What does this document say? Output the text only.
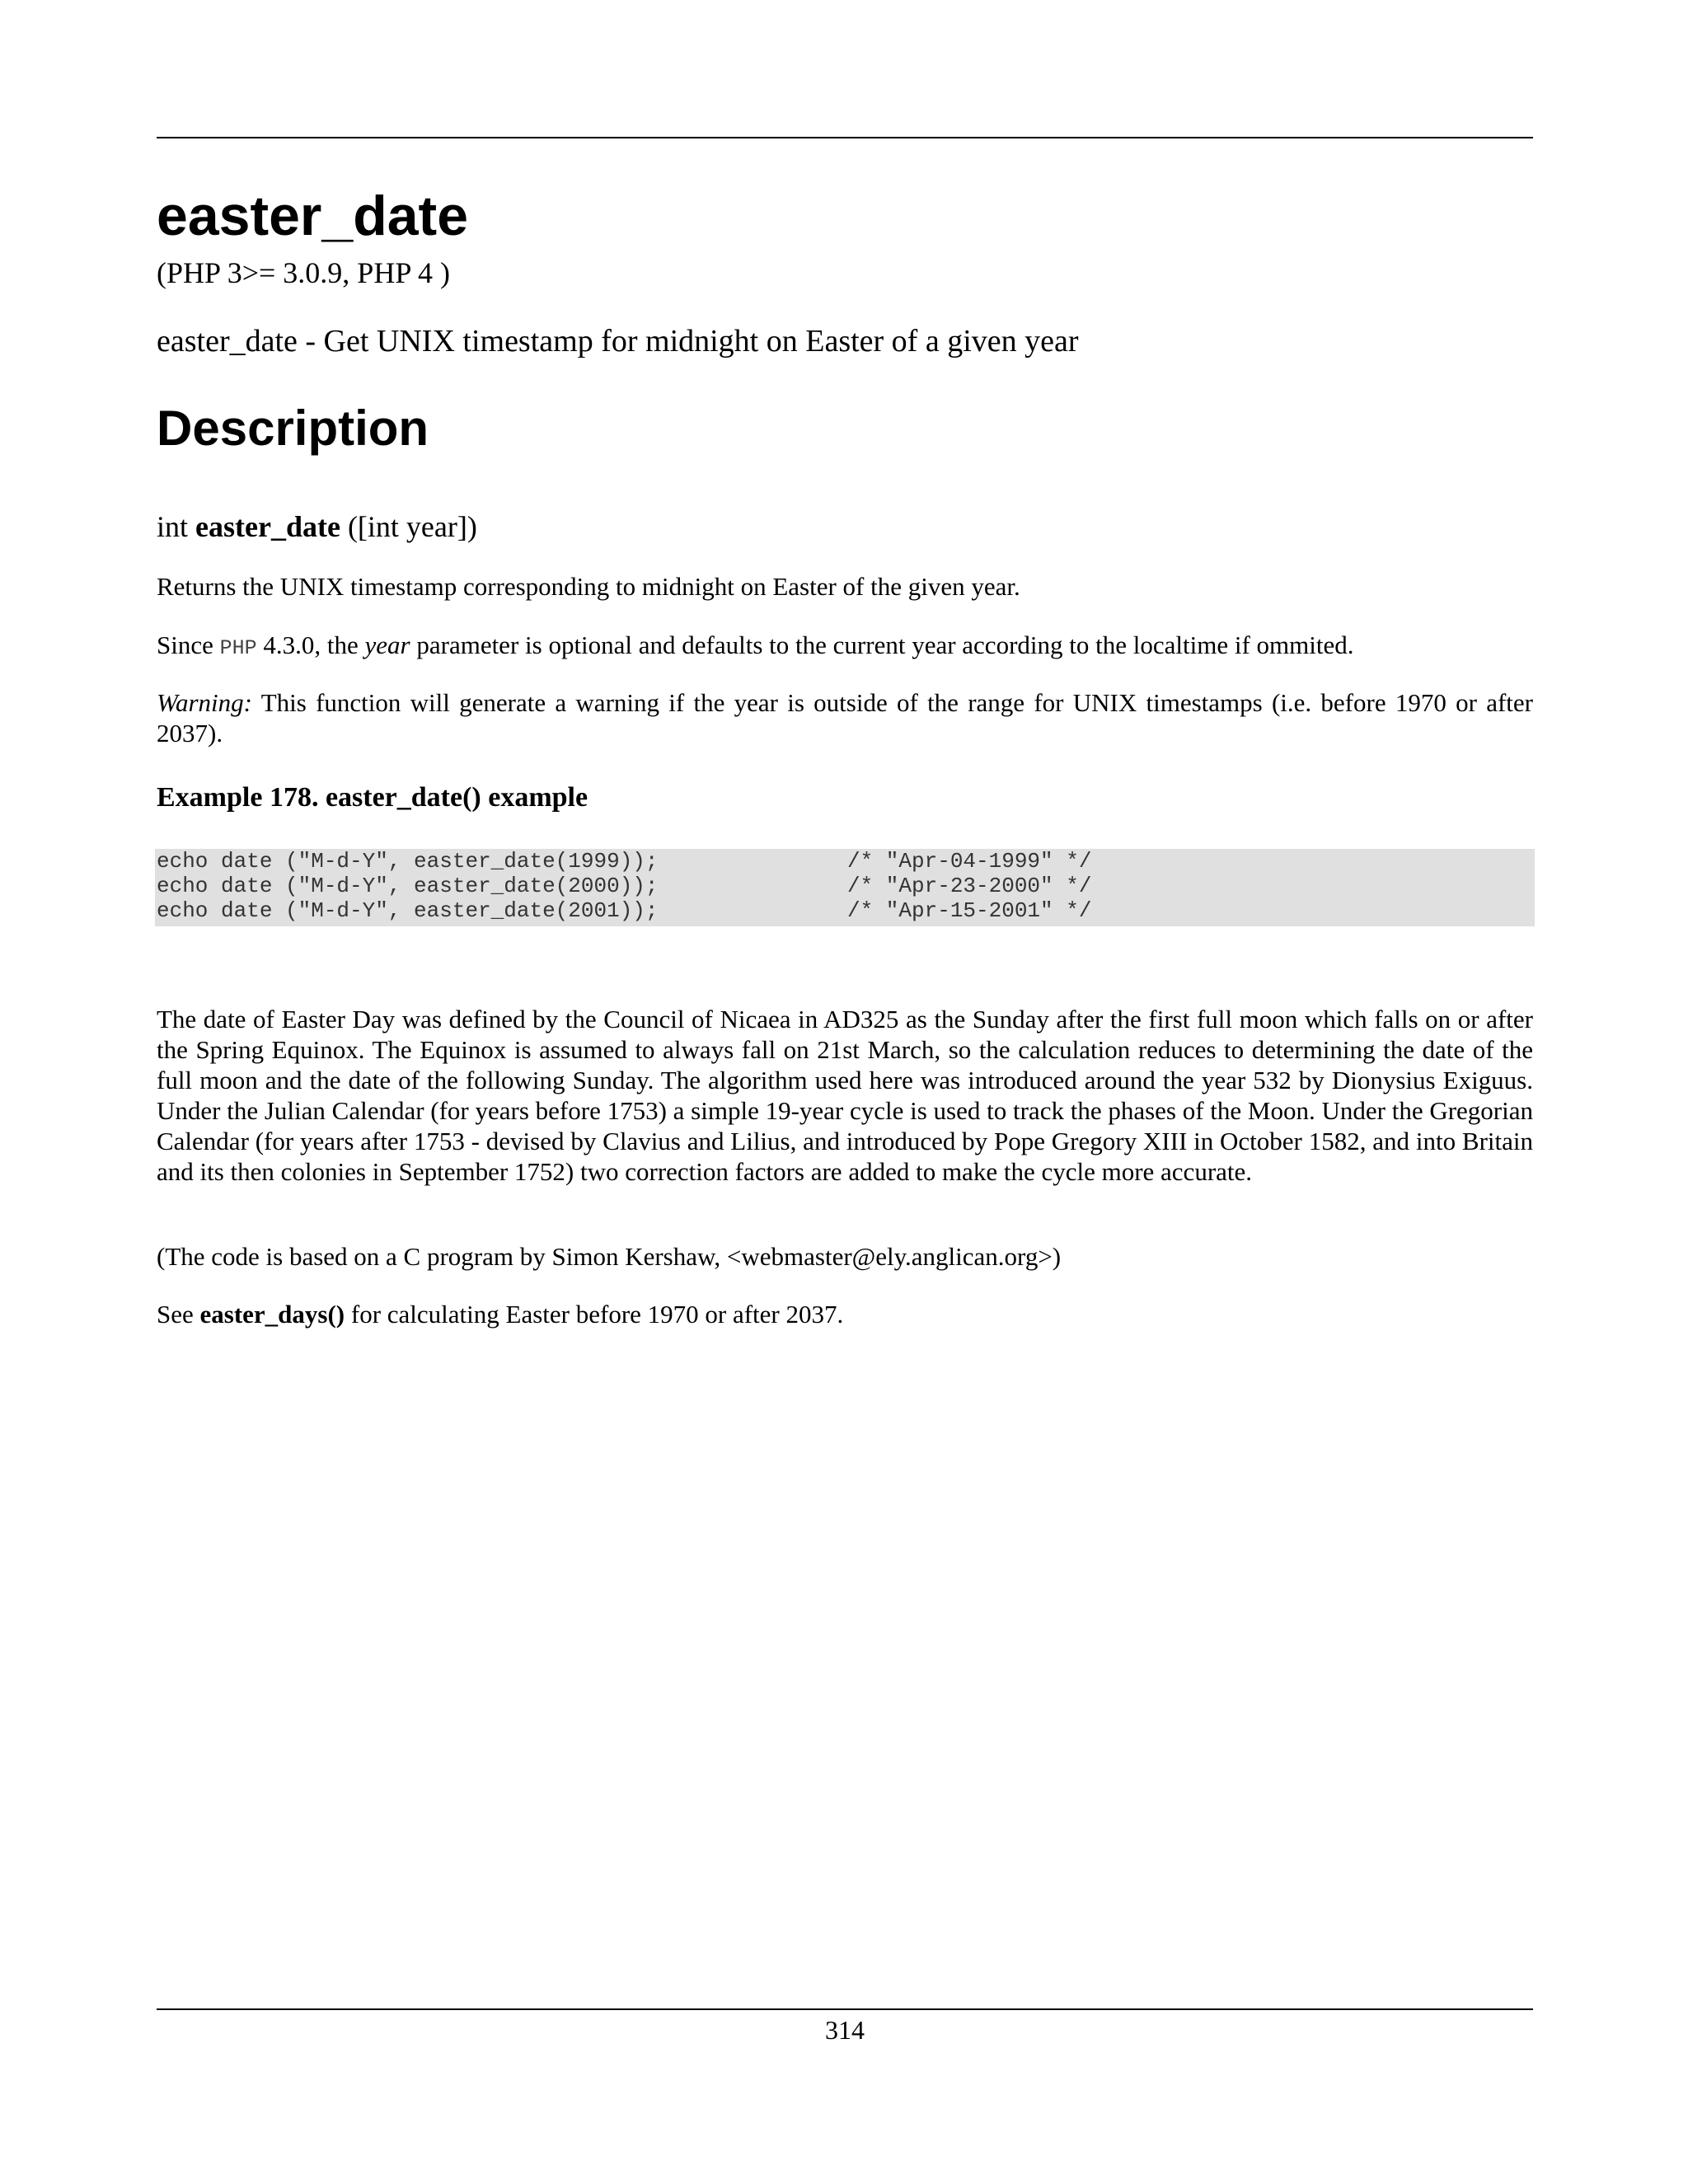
easter_date
(PHP 3>= 3.0.9, PHP 4 )
easter_date - Get UNIX timestamp for midnight on Easter of a given year
Description
int easter_date ([int year])
Returns the UNIX timestamp corresponding to midnight on Easter of the given year.
Since PHP 4.3.0, the year parameter is optional and defaults to the current year according to the localtime if ommited.
Warning: This function will generate a warning if the year is outside of the range for UNIX timestamps (i.e. before 1970 or after 2037).
Example 178. easter_date() example
echo date ("M-d-Y", easter_date(1999));	/* "Apr-04-1999" */
echo date ("M-d-Y", easter_date(2000));	/* "Apr-23-2000" */
echo date ("M-d-Y", easter_date(2001));	/* "Apr-15-2001" */
The date of Easter Day was defined by the Council of Nicaea in AD325 as the Sunday after the first full moon which falls on or after the Spring Equinox. The Equinox is assumed to always fall on 21st March, so the calculation reduces to determining the date of the full moon and the date of the following Sunday. The algorithm used here was introduced around the year 532 by Dionysius Exiguus. Under the Julian Calendar (for years before 1753) a simple 19-year cycle is used to track the phases of the Moon. Under the Gregorian Calendar (for years after 1753 - devised by Clavius and Lilius, and introduced by Pope Gregory XIII in October 1582, and into Britain and its then colonies in September 1752) two correction factors are added to make the cycle more accurate.
(The code is based on a C program by Simon Kershaw, <webmaster@ely.anglican.org>)
See easter_days() for calculating Easter before 1970 or after 2037.
314
